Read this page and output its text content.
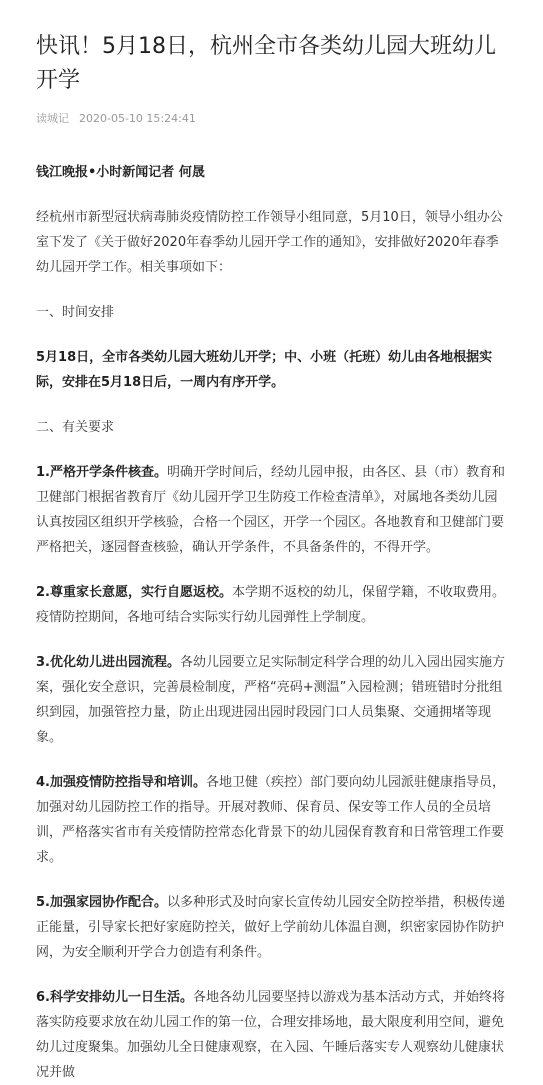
快讯！5月18日，杭州全市各类幼儿园大班幼儿开学
读城记 2020-05-10 15:24:41

钱江晚报•小时新闻记者 何晟

经杭州市新型冠状病毒肺炎疫情防控工作领导小组同意，5月10日，领导小组办公室下发了《关于做好2020年春季幼儿园开学工作的通知》，安排做好2020年春季幼儿园开学工作。相关事项如下：

一、时间安排

5月18日，全市各类幼儿园大班幼儿开学；中、小班（托班）幼儿由各地根据实际，安排在5月18日后，一周内有序开学。

二、有关要求

1.严格开学条件核查。明确开学时间后，经幼儿园申报，由各区、县（市）教育和卫健部门根据省教育厅《幼儿园开学卫生防疫工作检查清单》，对属地各类幼儿园认真按园区组织开学核验，合格一个园区，开学一个园区。各地教育和卫健部门要严格把关，逐园督查核验，确认开学条件，不具备条件的，不得开学。

2.尊重家长意愿，实行自愿返校。本学期不返校的幼儿，保留学籍，不收取费用。疫情防控期间，各地可结合实际实行幼儿园弹性上学制度。

3.优化幼儿进出园流程。各幼儿园要立足实际制定科学合理的幼儿入园出园实施方案，强化安全意识，完善晨检制度，严格“亮码+测温”入园检测；错班错时分批组织到园，加强管控力量，防止出现进园出园时段园门口人员集聚、交通拥堵等现象。

4.加强疫情防控指导和培训。各地卫健（疾控）部门要向幼儿园派驻健康指导员，加强对幼儿园防控工作的指导。开展对教师、保育员、保安等工作人员的全员培训，严格落实省市有关疫情防控常态化背景下的幼儿园保育教育和日常管理工作要求。

5.加强家园协作配合。以多种形式及时向家长宣传幼儿园安全防控举措，积极传递正能量，引导家长把好家庭防控关，做好上学前幼儿体温自测，织密家园协作防护网，为安全顺利开学合力创造有利条件。

6.科学安排幼儿一日生活。各地各幼儿园要坚持以游戏为基本活动方式，并始终将落实防疫要求放在幼儿园工作的第一位，合理安排场地，最大限度利用空间，避免幼儿过度聚集。加强幼儿全日健康观察，在入园、午睡后落实专人观察幼儿健康状况并做
